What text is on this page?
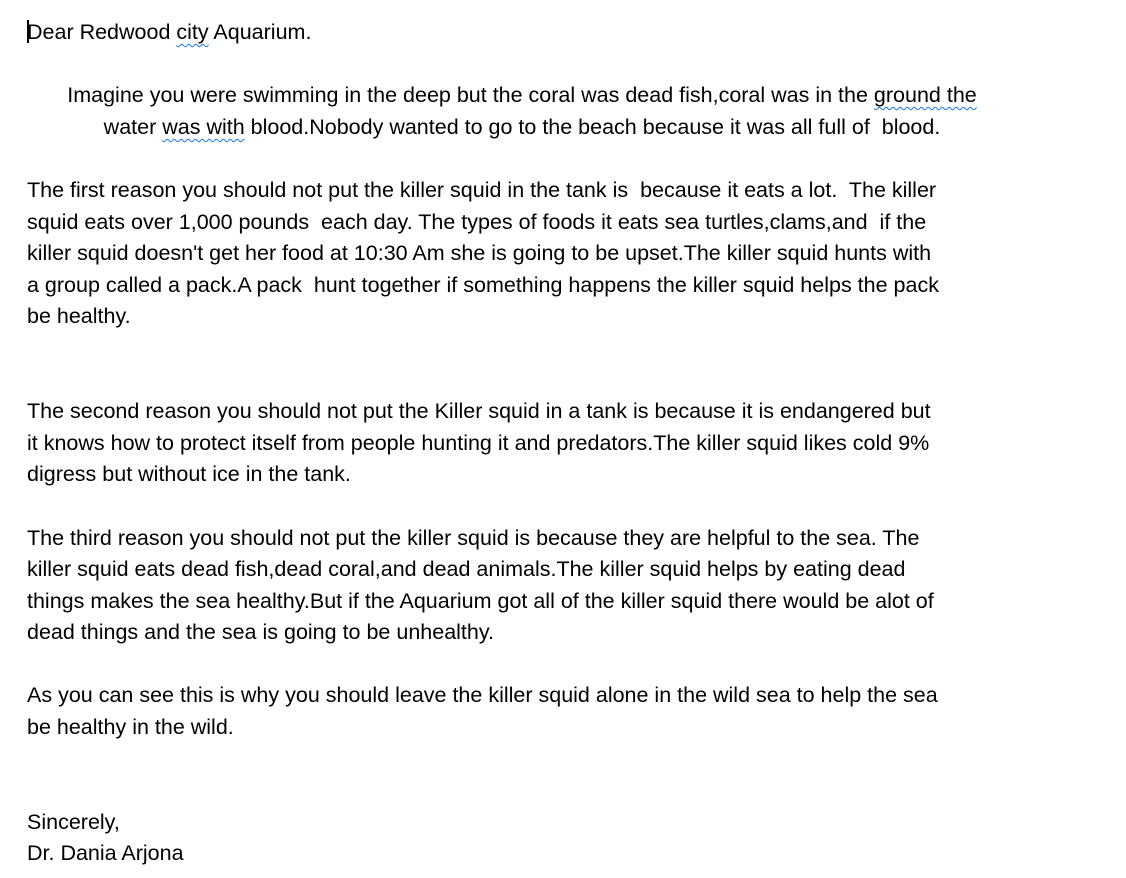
Dear Redwood city Aquarium.
Imagine you were swimming in the deep but the coral was dead fish,coral was in the ground the
water was with blood.Nobody wanted to go to the beach because it was all full of  blood.
The first reason you should not put the killer squid in the tank is  because it eats a lot.  The killer
squid eats over 1,000 pounds  each day. The types of foods it eats sea turtles,clams,and  if the
killer squid doesn't get her food at 10:30 Am she is going to be upset.The killer squid hunts with
a group called a pack.A pack  hunt together if something happens the killer squid helps the pack
be healthy.
The second reason you should not put the Killer squid in a tank is because it is endangered but
it knows how to protect itself from people hunting it and predators.The killer squid likes cold 9%
digress but without ice in the tank.
The third reason you should not put the killer squid is because they are helpful to the sea. The
killer squid eats dead fish,dead coral,and dead animals.The killer squid helps by eating dead
things makes the sea healthy.But if the Aquarium got all of the killer squid there would be alot of
dead things and the sea is going to be unhealthy.
As you can see this is why you should leave the killer squid alone in the wild sea to help the sea
be healthy in the wild.
Sincerely,
Dr. Dania Arjona
